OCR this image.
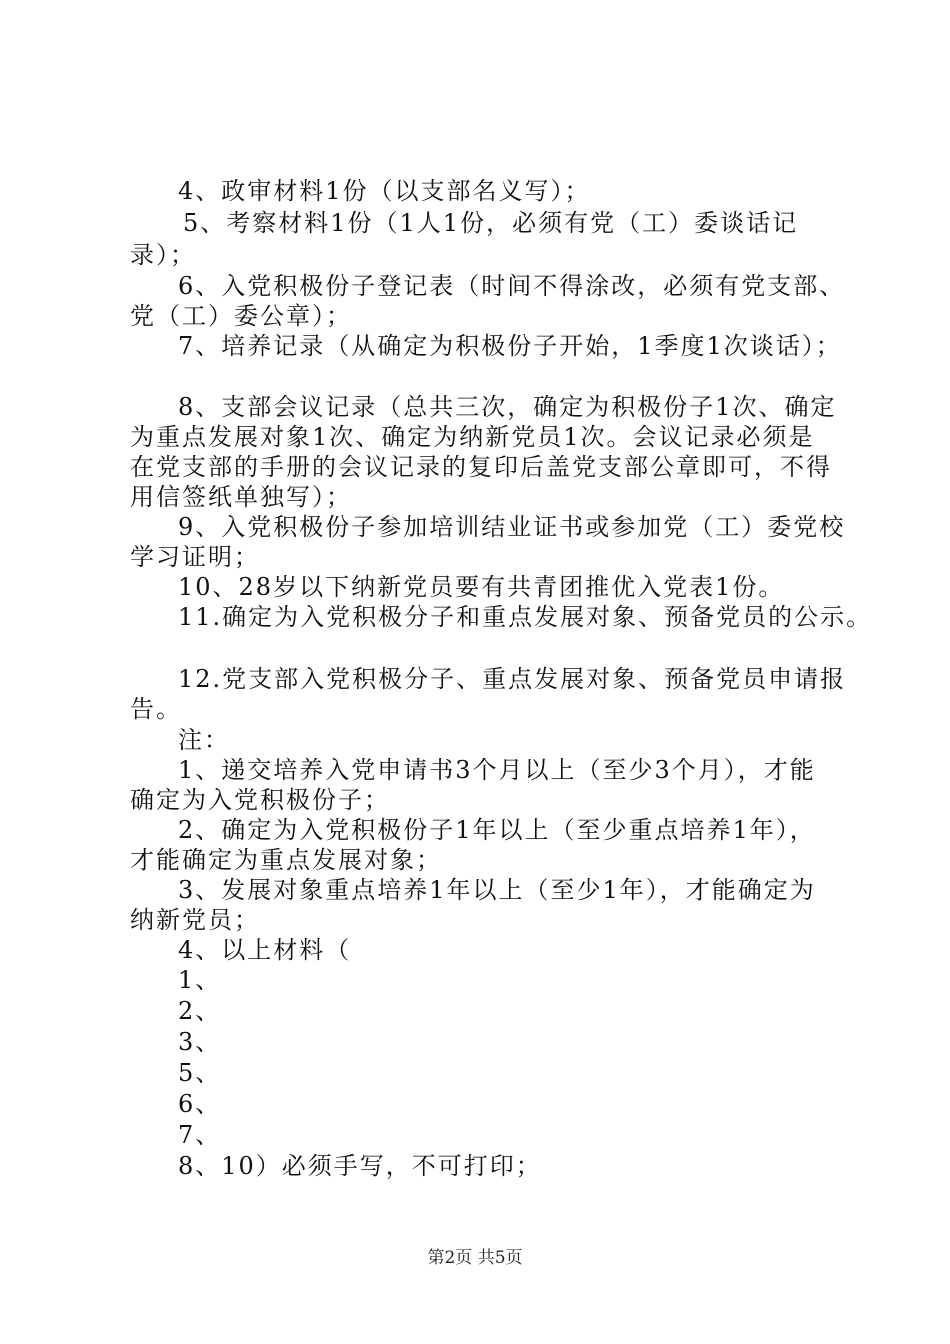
4、政审材料1份（以支部名义写）；
5、考察材料1份（1人1份，必须有党（工）委谈话记
录）；
6、入党积极份子登记表（时间不得涂改，必须有党支部、
党（工）委公章）；
7、培养记录（从确定为积极份子开始，1季度1次谈话）；
8、支部会议记录（总共三次，确定为积极份子1次、确定
为重点发展对象1次、确定为纳新党员1次。会议记录必须是
在党支部的手册的会议记录的复印后盖党支部公章即可，不得
用信签纸单独写）；
9、入党积极份子参加培训结业证书或参加党（工）委党校
学习证明；
10、28岁以下纳新党员要有共青团推优入党表1份。
11.确定为入党积极分子和重点发展对象、预备党员的公示。
12.党支部入党积极分子、重点发展对象、预备党员申请报
告。
注：
1、递交培养入党申请书3个月以上（至少3个月），才能
确定为入党积极份子；
2、确定为入党积极份子1年以上（至少重点培养1年），
才能确定为重点发展对象；
3、发展对象重点培养1年以上（至少1年），才能确定为
纳新党员；
4、以上材料（
1、
2、
3、
5、
6、
7、
8、10）必须手写，不可打印；
第2页 共5页
